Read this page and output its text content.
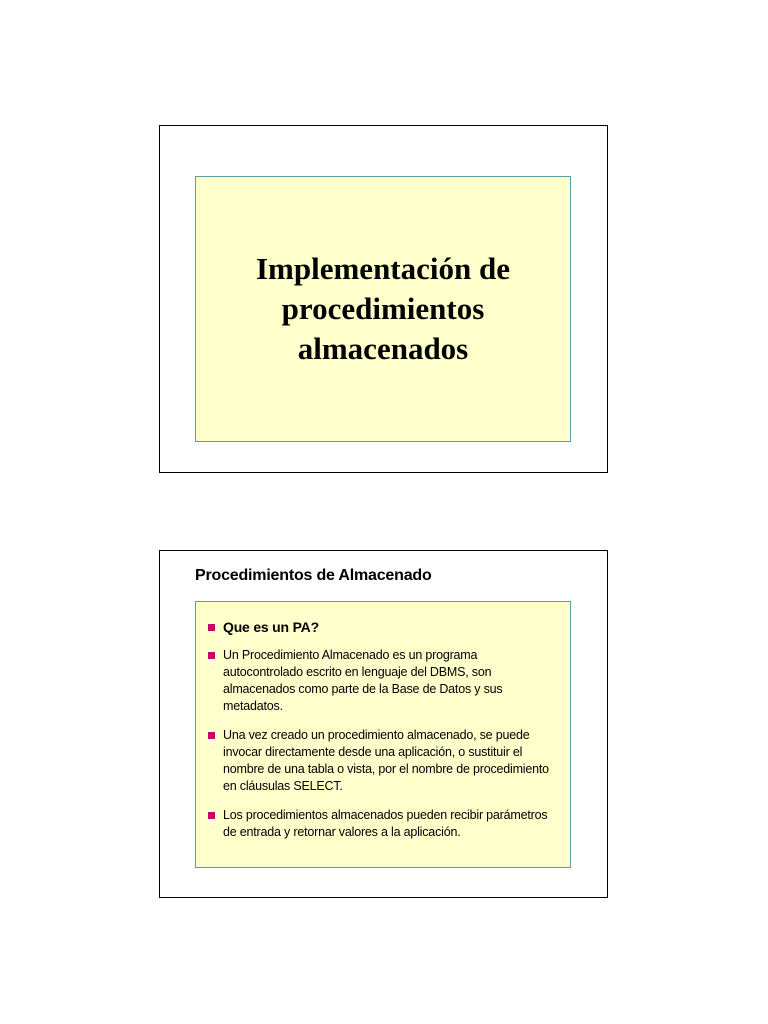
Implementación de procedimientos almacenados
Procedimientos de Almacenado
Que es un PA?
Un Procedimiento Almacenado es un programa autocontrolado escrito en lenguaje del DBMS, son almacenados como parte de la Base de Datos y sus metadatos.
Una vez creado un procedimiento almacenado, se puede invocar directamente desde una aplicación, o sustituir el nombre de una tabla o vista, por el nombre de procedimiento en cláusulas SELECT.
Los procedimientos almacenados pueden recibir parámetros de entrada y retornar valores a la aplicación.
